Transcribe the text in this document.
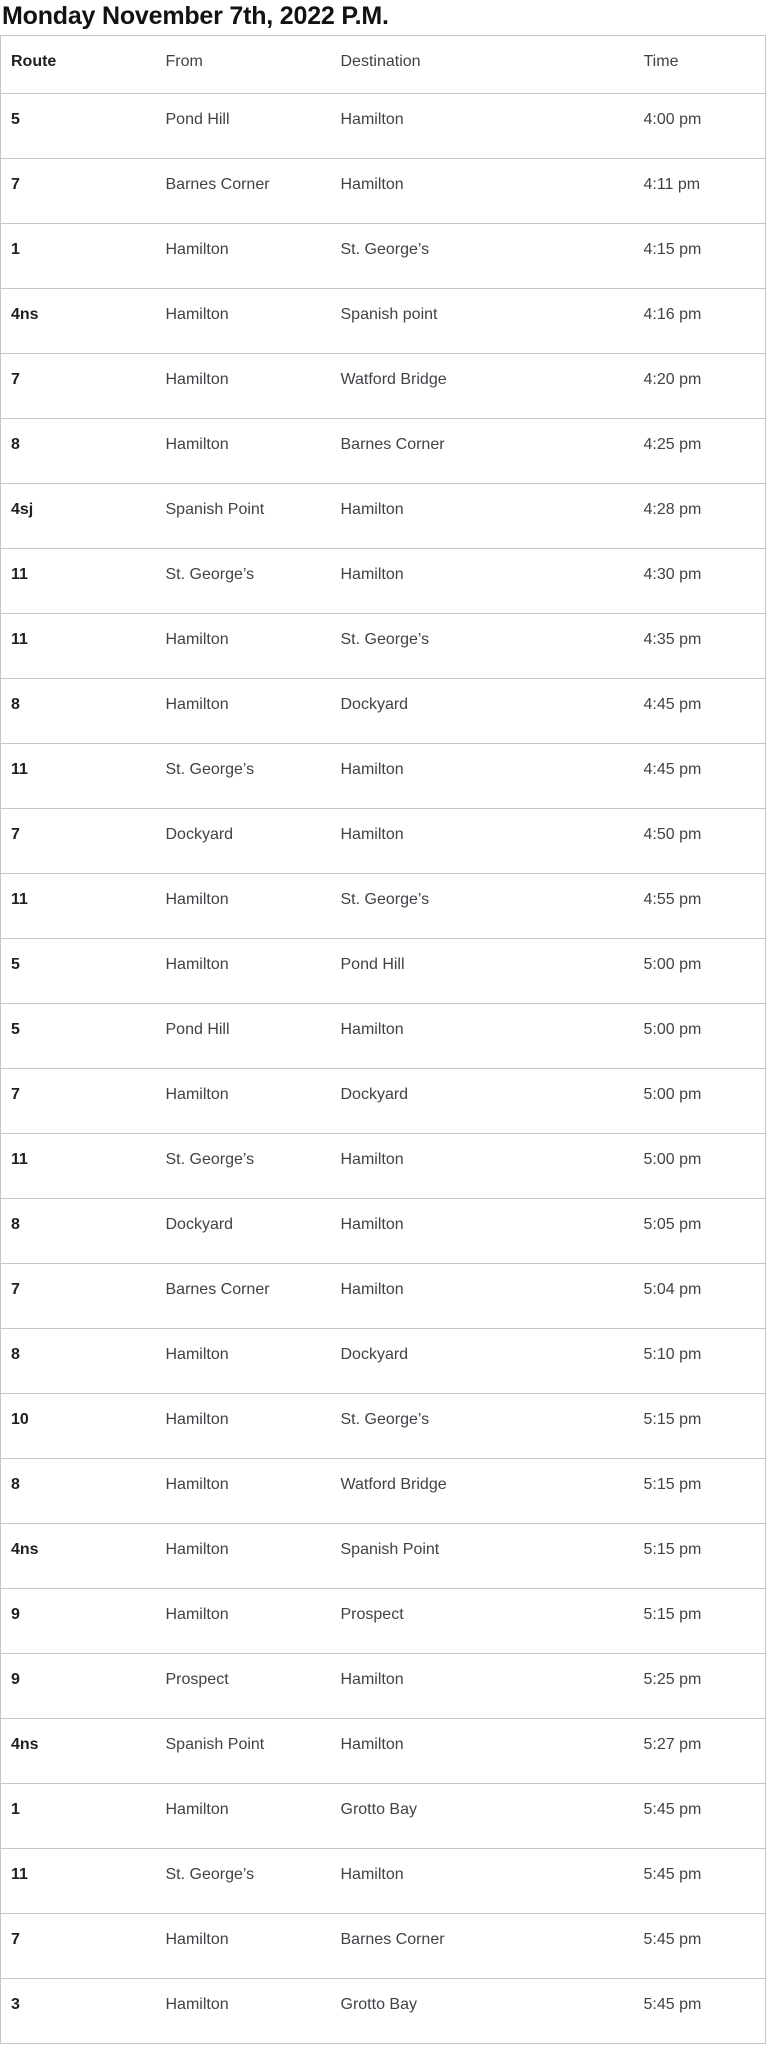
Monday November 7th, 2022 P.M.
Route	From	Destination	Time
5	Pond Hill	Hamilton	4:00 pm
7	Barnes Corner	Hamilton	4:11 pm
1	Hamilton	St. George’s	4:15 pm
4ns	Hamilton	Spanish point	4:16 pm
7	Hamilton	Watford Bridge	4:20 pm
8	Hamilton	Barnes Corner	4:25 pm
4sj	Spanish Point	Hamilton	4:28 pm
11	St. George’s	Hamilton	4:30 pm
11	Hamilton	St. George’s	4:35 pm
8	Hamilton	Dockyard	4:45 pm
11	St. George’s	Hamilton	4:45 pm
7	Dockyard	Hamilton	4:50 pm
11	Hamilton	St. George’s	4:55 pm
5	Hamilton	Pond Hill	5:00 pm
5	Pond Hill	Hamilton	5:00 pm
7	Hamilton	Dockyard	5:00 pm
11	St. George’s	Hamilton	5:00 pm
8	Dockyard	Hamilton	5:05 pm
7	Barnes Corner	Hamilton	5:04 pm
8	Hamilton	Dockyard	5:10 pm
10	Hamilton	St. George’s	5:15 pm
8	Hamilton	Watford Bridge	5:15 pm
4ns	Hamilton	Spanish Point	5:15 pm
9	Hamilton	Prospect	5:15 pm
9	Prospect	Hamilton	5:25 pm
4ns	Spanish Point	Hamilton	5:27 pm
1	Hamilton	Grotto Bay	5:45 pm
11	St. George’s	Hamilton	5:45 pm
7	Hamilton	Barnes Corner	5:45 pm
3	Hamilton	Grotto Bay	5:45 pm
